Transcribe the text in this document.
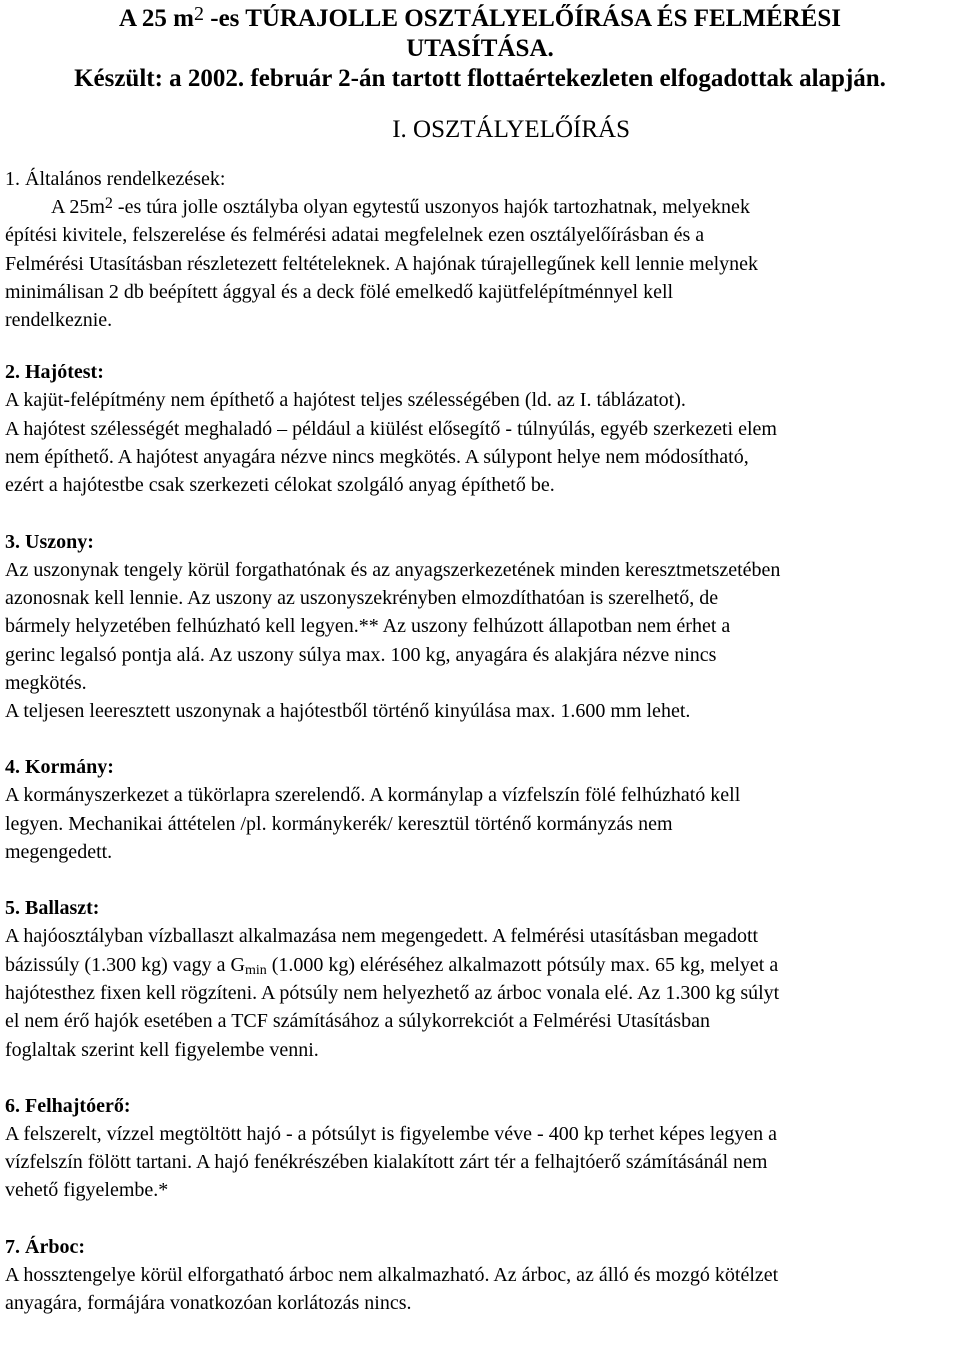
A 25 $m^2$ -es TÚRAJOLLE OSZTÁLYELŐÍRÁSA ÉS FELMÉRÉSI
UTASÍTÁSA.

Készült: a 2002. február 2-án tartott flottaértekezleten elfogadottak alapján.

I. OSZTÁLYELŐÍRÁS
1. Általános rendelkezések:

A $25m^2$ -es túra jolle osztályba olyan egytestű uszonyos hajók tartozhatnak, melyeknek
építési kivitele, felszerelése és felmérési adatai megfelelnek ezen osztályelőírásban és a
Felmérési Utasításban részletezett feltételeknek. A hajónak túrajellegűnek kell lennie melynek
minimálisan 2 db beépített ággyal és a deck fölé emelkedő kajütfelépítménnyel kell
rendelkeznie.

2. Hajótest:

A kajüt-felépítmény nem építhető a hajótest teljes szélességében (ld. az I. táblázatot).
A hajótest szélességét meghaladó – például a kiülést elősegítő - túlnyúlás, egyéb szerkezeti elem
nem építhető. A hajótest anyagára nézve nincs megkötés. A súlypont helye nem módosítható,
ezért a hajótestbe csak szerkezeti célokat szolgáló anyag építhető be.

3. Uszony:

Az uszonynak tengely körül forgathatónak és az anyagszerkezetének minden keresztmetszetében
azonosnak kell lennie. Az uszony az uszonyszekrényben elmozdíthatóan is szerelhető, de
bármely helyzetében felhúzható kell legyen.** Az uszony felhúzott állapotban nem érhet a
gerinc legalsó pontja alá. Az uszony súlya max. 100 kg, anyagára és alakjára nézve nincs
megkötés.
A teljesen leeresztett uszonynak a hajótestből történő kinyúlása max. 1.600 mm lehet.

4. Kormány:

A kormányszerkezet a tükörlapra szerelendő. A kormánylap a vízfelszín fölé felhúzható kell
legyen. Mechanikai áttételen /pl. kormánykerék/ keresztül történő kormányzás nem
megengedett.

5. Ballaszt:

A hajóosztályban vízballaszt alkalmazása nem megengedett. A felmérési utasításban megadott
bázissúly (1.300 kg) vagy a $G_{min}$ (1.000 kg) eléréséhez alkalmazott pótsúly max. 65 kg, melyet a
hajótesthez fixen kell rögzíteni. A pótsúly nem helyezhető az árboc vonala elé. Az 1.300 kg súlyt
el nem érő hajók esetében a TCF számításához a súlykorrekciót a Felmérési Utasításban
foglaltak szerint kell figyelembe venni.

6. Felhajtóerő:

A felszerelt, vízzel megtöltött hajó - a pótsúlyt is figyelembe véve - 400 kp terhet képes legyen a
vízfelszín fölött tartani. A hajó fenékrészében kialakított zárt tér a felhajtóerő számításánál nem
vehető figyelembe.*

7. Árboc:

A hossztengelye körül elforgatható árboc nem alkalmazható. Az árboc, az álló és mozgó kötélzet
anyagára, formájára vonatkozóan korlátozás nincs.
